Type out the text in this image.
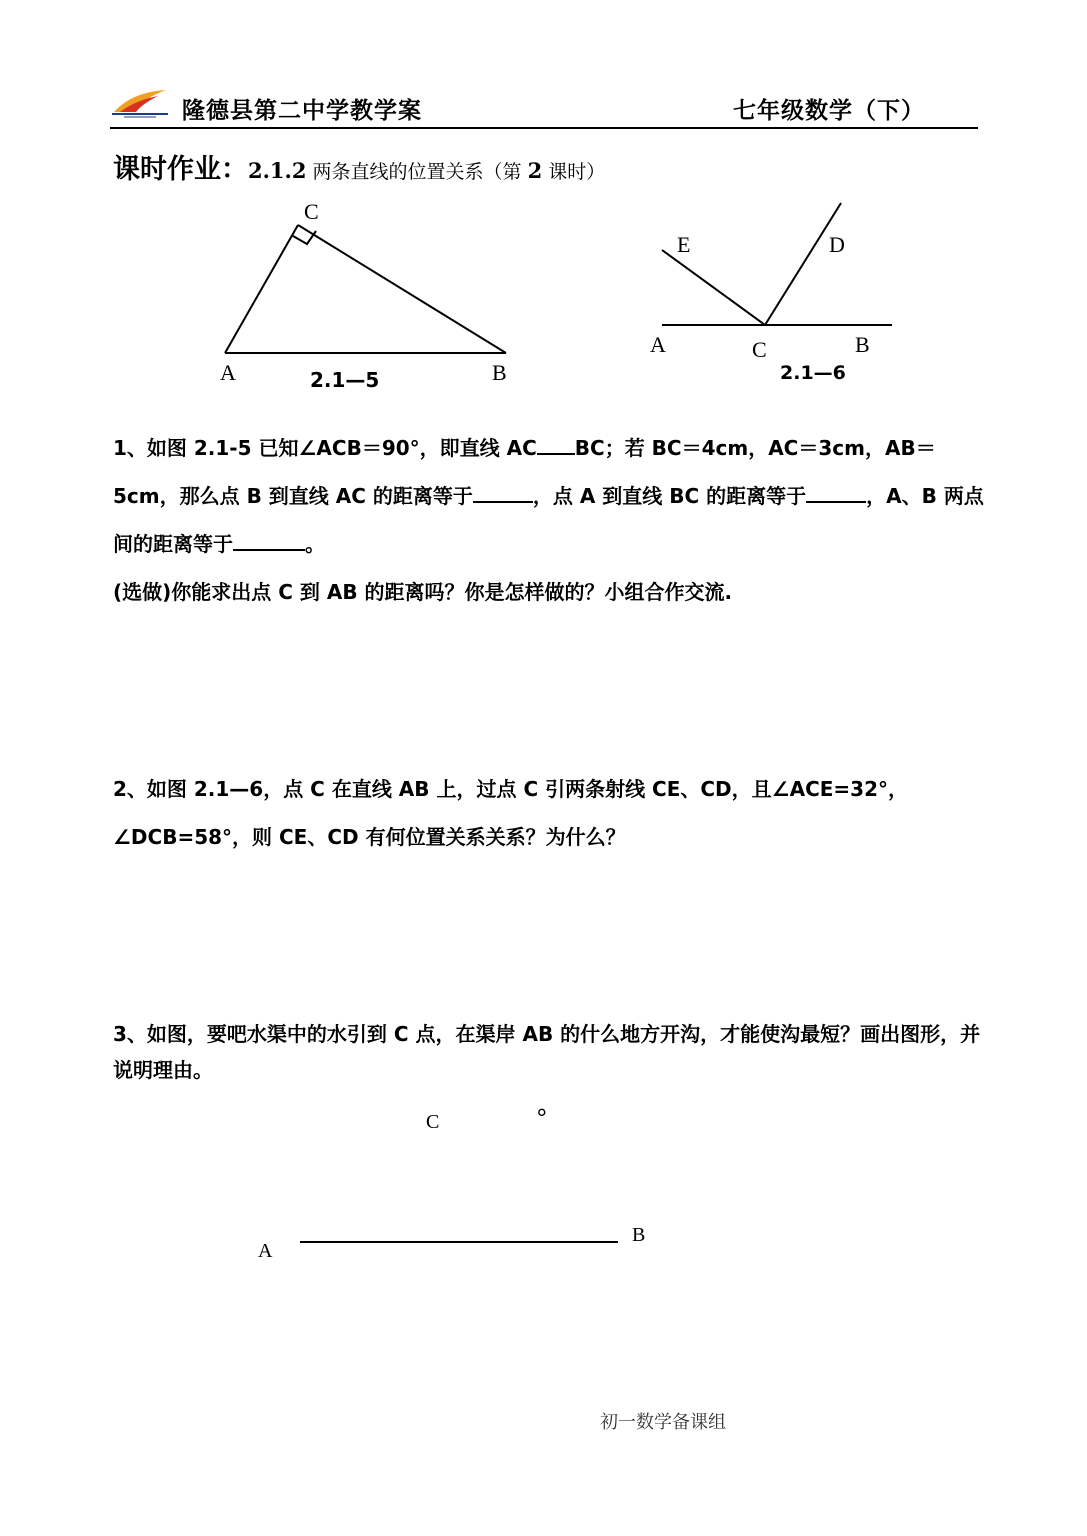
隆德县第二中学教学案	七年级数学（下）
课时作业：2.1.2 两条直线的位置关系（第 2 课时）
C
A	B
2.1—5
E	D
A	C	B
2.1—6

1、如图 2.1-5 已知∠ACB＝90°，即直线 AC BC；若 BC＝4cm，AC＝3cm，AB＝5cm，那么点 B 到直线 AC 的距离等于	，点 A 到直线 BC 的距离等于	，A、B 两点间的距离等于	。

(选做)你能求出点 C 到 AB 的距离吗？你是怎样做的？小组合作交流.

2、如图 2.1—6，点 C 在直线 AB 上，过点 C 引两条射线 CE、CD，且∠ACE=32°，∠DCB=58°，则 CE、CD 有何位置关系关系？为什么？

3、如图，要吧水渠中的水引到 C 点，在渠岸 AB 的什么地方开沟，才能使沟最短？画出图形，并说明理由。

C	°
A
B
初一数学备课组
